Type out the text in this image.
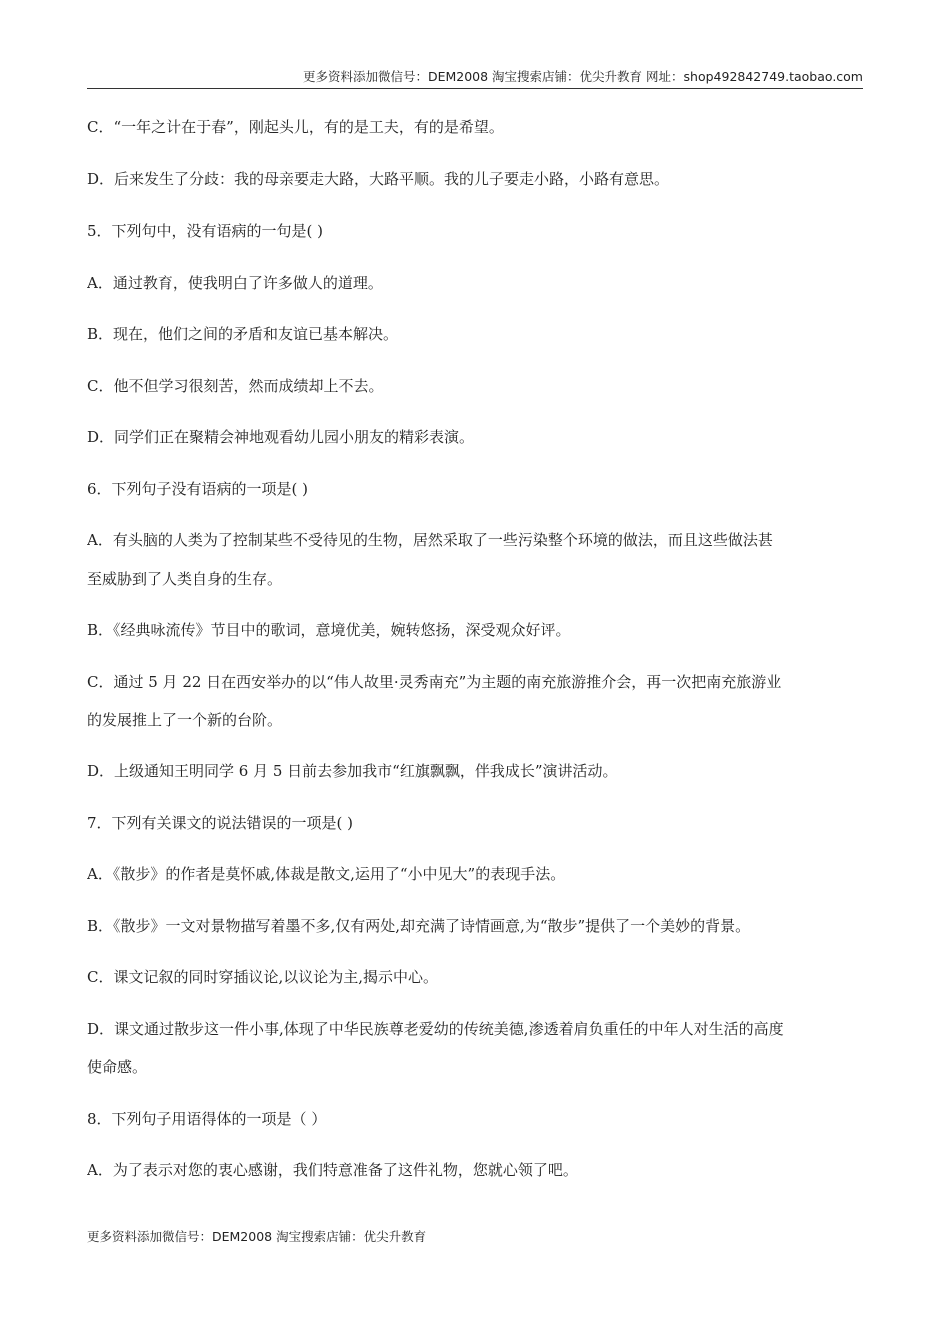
更多资料添加微信号：DEM2008 淘宝搜索店铺：优尖升教育 网址：shop492842749.taobao.com
C．“一年之计在于春”，刚起头儿，有的是工夫，有的是希望。
D．后来发生了分歧：我的母亲要走大路，大路平顺。我的儿子要走小路，小路有意思。
5．下列句中，没有语病的一句是( )
A．通过教育，使我明白了许多做人的道理。
B．现在，他们之间的矛盾和友谊已基本解决。
C．他不但学习很刻苦，然而成绩却上不去。
D．同学们正在聚精会神地观看幼儿园小朋友的精彩表演。
6．下列句子没有语病的一项是( )
A．有头脑的人类为了控制某些不受待见的生物，居然采取了一些污染整个环境的做法，而且这些做法甚
至威胁到了人类自身的生存。
B．《经典咏流传》节目中的歌词，意境优美，婉转悠扬，深受观众好评。
C．通过 5 月 22 日在西安举办的以“伟人故里·灵秀南充”为主题的南充旅游推介会，再一次把南充旅游业
的发展推上了一个新的台阶。
D．上级通知王明同学 6 月 5 日前去参加我市“红旗飘飘，伴我成长”演讲活动。
7．下列有关课文的说法错误的一项是( )
A．《散步》的作者是莫怀戚,体裁是散文,运用了“小中见大”的表现手法。
B．《散步》一文对景物描写着墨不多,仅有两处,却充满了诗情画意,为“散步”提供了一个美妙的背景。
C．课文记叙的同时穿插议论,以议论为主,揭示中心。
D．课文通过散步这一件小事,体现了中华民族尊老爱幼的传统美德,渗透着肩负重任的中年人对生活的高度
使命感。
8．下列句子用语得体的一项是（ ）
A．为了表示对您的衷心感谢，我们特意准备了这件礼物，您就心领了吧。
更多资料添加微信号：DEM2008 淘宝搜索店铺：优尖升教育
